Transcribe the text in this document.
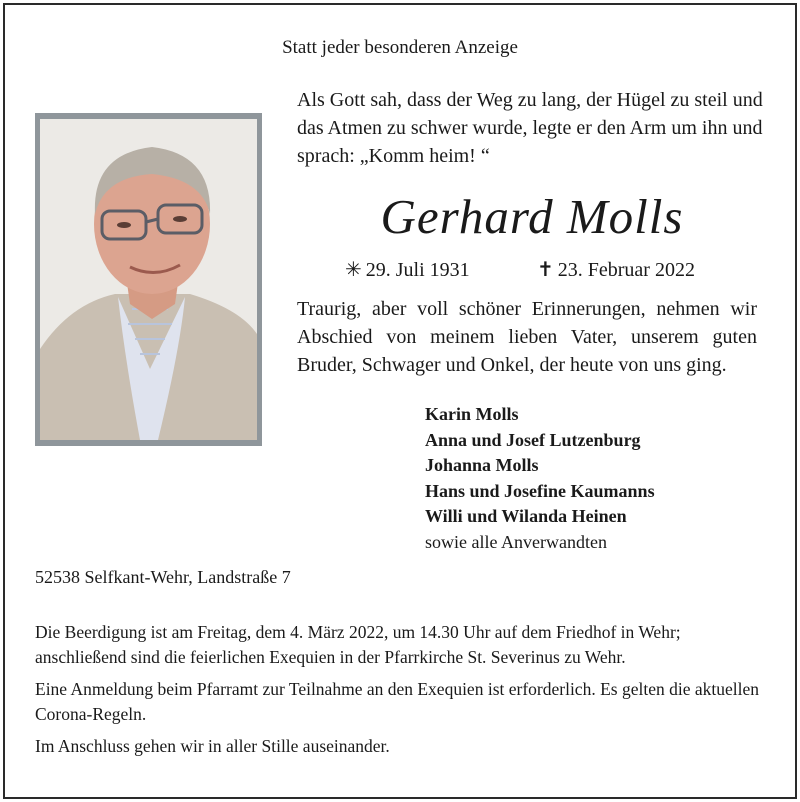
Statt jeder besonderen Anzeige
Als Gott sah, dass der Weg zu lang, der Hügel zu steil und das Atmen zu schwer wurde, legte er den Arm um ihn und sprach: „Komm heim! “
Gerhard Molls
✳ 29. Juli 1931	✝ 23. Februar 2022
Traurig, aber voll schöner Erinnerungen, nehmen wir Abschied von meinem lieben Vater, unserem guten Bruder, Schwager und Onkel, der heute von uns ging.
Karin Molls
Anna und Josef Lutzenburg
Johanna Molls
Hans und Josefine Kaumanns
Willi und Wilanda Heinen
sowie alle Anverwandten
52538 Selfkant-Wehr, Landstraße 7

Die Beerdigung ist am Freitag, dem 4. März 2022, um 14.30 Uhr auf dem Friedhof in Wehr; anschließend sind die feierlichen Exequien in der Pfarrkirche St. Severinus zu Wehr.

Eine Anmeldung beim Pfarramt zur Teilnahme an den Exequien ist erforderlich. Es gelten die aktuellen Corona-Regeln.

Im Anschluss gehen wir in aller Stille auseinander.
